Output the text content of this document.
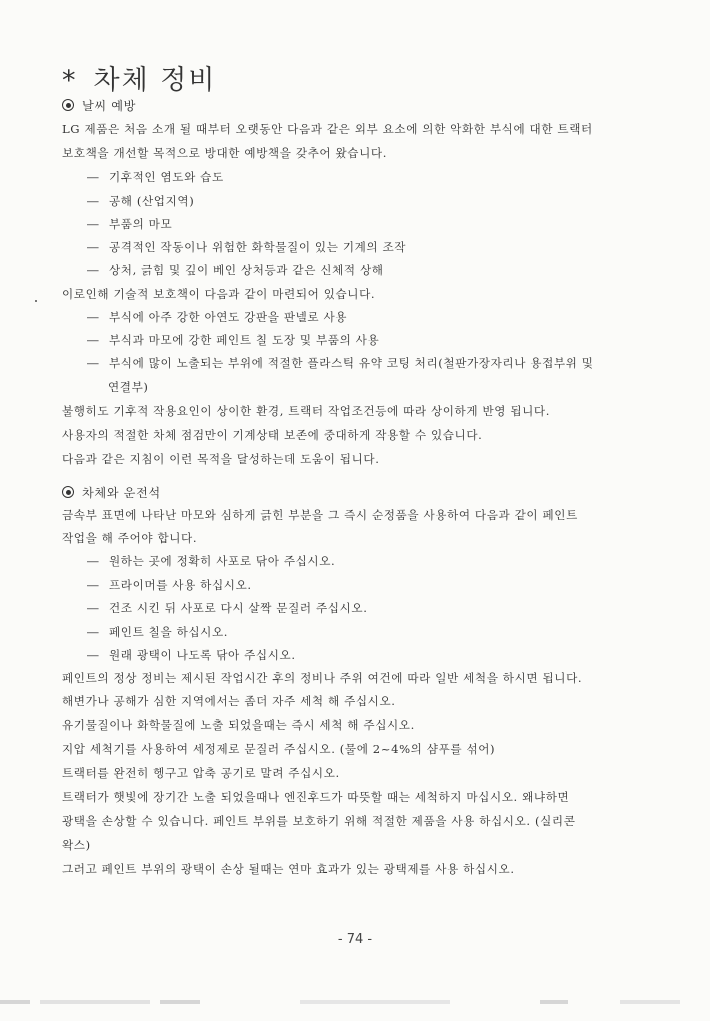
* 차체 정비
날씨 예방
LG 제품은 처음 소개 될 때부터 오랫동안 다음과 같은 외부 요소에 의한 악화한 부식에 대한 트랙터
보호책을 개선할 목적으로 방대한 예방책을 갖추어 왔습니다.
― 기후적인 염도와 습도
― 공해 (산업지역)
― 부품의 마모
― 공격적인 작동이나 위험한 화학물질이 있는 기계의 조작
― 상처, 긁힘 및 깊이 베인 상처등과 같은 신체적 상해
이로인해 기술적 보호책이 다음과 같이 마련되어 있습니다.
― 부식에 아주 강한 아연도 강판을 판넬로 사용
― 부식과 마모에 강한 페인트 칠 도장 및 부품의 사용
― 부식에 많이 노출되는 부위에 적절한 플라스틱 유약 코팅 처리(철판가장자리나 용접부위 및
연결부)
불행히도 기후적 작용요인이 상이한 환경, 트랙터 작업조건등에 따라 상이하게 반영 됩니다.
사용자의 적절한 차체 점검만이 기계상태 보존에 중대하게 작용할 수 있습니다.
다음과 같은 지침이 이런 목적을 달성하는데 도움이 됩니다.
차체와 운전석
금속부 표면에 나타난 마모와 심하게 긁힌 부분을 그 즉시 순정품을 사용하여 다음과 같이 페인트
작업을 해 주어야 합니다.
― 원하는 곳에 정확히 사포로 닦아 주십시오.
― 프라이머를 사용 하십시오.
― 건조 시킨 뒤 사포로 다시 살짝 문질러 주십시오.
― 페인트 칠을 하십시오.
― 원래 광택이 나도록 닦아 주십시오.
페인트의 정상 정비는 제시된 작업시간 후의 정비나 주위 여건에 따라 일반 세척을 하시면 됩니다.
해변가나 공해가 심한 지역에서는 좀더 자주 세척 해 주십시오.
유기물질이나 화학물질에 노출 되었을때는 즉시 세척 해 주십시오.
지압 세척기를 사용하여 세정제로 문질러 주십시오. (물에 2~4%의 샴푸를 섞어)
트랙터를 완전히 헹구고 압축 공기로 말려 주십시오.
트랙터가 햇빛에 장기간 노출 되었을때나 엔진후드가 따뜻할 때는 세척하지 마십시오. 왜냐하면
광택을 손상할 수 있습니다. 페인트 부위를 보호하기 위해 적절한 제품을 사용 하십시오. (실리콘
왁스)
그러고 페인트 부위의 광택이 손상 될때는 연마 효과가 있는 광택제를 사용 하십시오.
- 74 -
